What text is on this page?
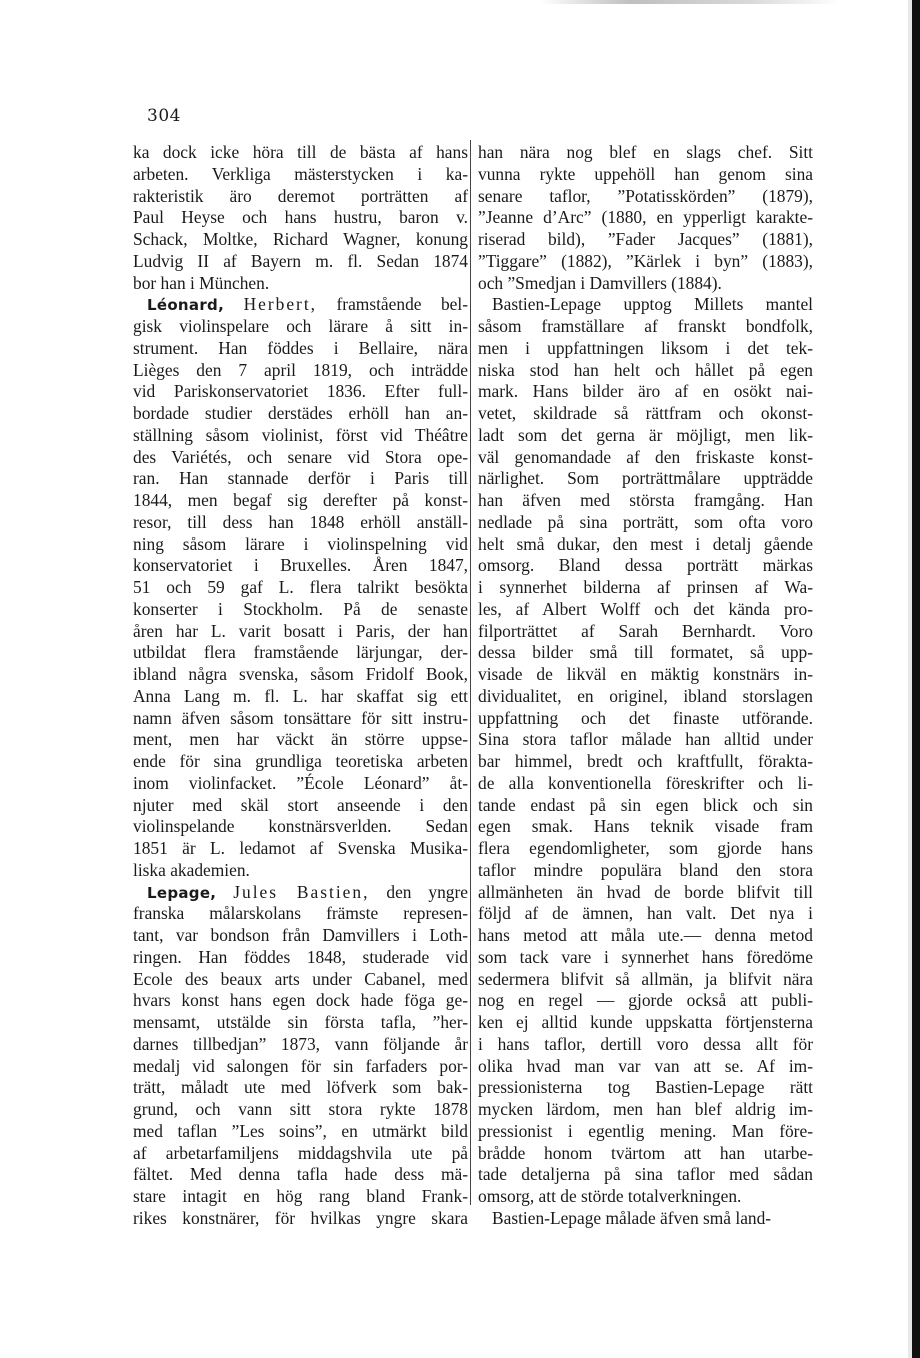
304
ka dock icke höra till de bästa af hans
arbeten. Verkliga mästerstycken i ka-
rakteristik äro deremot porträtten af
Paul Heyse och hans hustru, baron v.
Schack, Moltke, Richard Wagner, konung
Ludvig II af Bayern m. fl. Sedan 1874
bor han i München.
Léonard, Herbert, framstående bel-
gisk violinspelare och lärare å sitt in-
strument. Han föddes i Bellaire, nära
Lièges den 7 april 1819, och inträdde
vid Pariskonservatoriet 1836. Efter full-
bordade studier derstädes erhöll han an-
ställning såsom violinist, först vid Théâtre
des Variétés, och senare vid Stora ope-
ran. Han stannade derför i Paris till
1844, men begaf sig derefter på konst-
resor, till dess han 1848 erhöll anställ-
ning såsom lärare i violinspelning vid
konservatoriet i Bruxelles. Åren 1847,
51 och 59 gaf L. flera talrikt besökta
konserter i Stockholm. På de senaste
åren har L. varit bosatt i Paris, der han
utbildat flera framstående lärjungar, der-
ibland några svenska, såsom Fridolf Book,
Anna Lang m. fl. L. har skaffat sig ett
namn äfven såsom tonsättare för sitt instru-
ment, men har väckt än större uppse-
ende för sina grundliga teoretiska arbeten
inom violinfacket. ”École Léonard” åt-
njuter med skäl stort anseende i den
violinspelande konstnärsverlden. Sedan
1851 är L. ledamot af Svenska Musika-
liska akademien.
Lepage, Jules Bastien, den yngre
franska målarskolans främste represen-
tant, var bondson från Damvillers i Loth-
ringen. Han föddes 1848, studerade vid
Ecole des beaux arts under Cabanel, med
hvars konst hans egen dock hade föga ge-
mensamt, utstälde sin första tafla, ”her-
darnes tillbedjan” 1873, vann följande år
medalj vid salongen för sin farfaders por-
trätt, måladt ute med löfverk som bak-
grund, och vann sitt stora rykte 1878
med taflan ”Les soins”, en utmärkt bild
af arbetarfamiljens middagshvila ute på
fältet. Med denna tafla hade dess mä-
stare intagit en hög rang bland Frank-
rikes konstnärer, för hvilkas yngre skara
han nära nog blef en slags chef. Sitt
vunna rykte uppehöll han genom sina
senare taflor, ”Potatisskörden” (1879),
”Jeanne d’Arc” (1880, en ypperligt karakte-
riserad bild), ”Fader Jacques” (1881),
”Tiggare” (1882), ”Kärlek i byn” (1883),
och ”Smedjan i Damvillers (1884).
Bastien-Lepage upptog Millets mantel
såsom framställare af franskt bondfolk,
men i uppfattningen liksom i det tek-
niska stod han helt och hållet på egen
mark. Hans bilder äro af en osökt nai-
vetet, skildrade så rättfram och okonst-
ladt som det gerna är möjligt, men lik-
väl genomandade af den friskaste konst-
närlighet. Som porträttmålare uppträdde
han äfven med största framgång. Han
nedlade på sina porträtt, som ofta voro
helt små dukar, den mest i detalj gående
omsorg. Bland dessa porträtt märkas
i synnerhet bilderna af prinsen af Wa-
les, af Albert Wolff och det kända pro-
filporträttet af Sarah Bernhardt. Voro
dessa bilder små till formatet, så upp-
visade de likväl en mäktig konstnärs in-
dividualitet, en originel, ibland storslagen
uppfattning och det finaste utförande.
Sina stora taflor målade han alltid under
bar himmel, bredt och kraftfullt, förakta-
de alla konventionella föreskrifter och li-
tande endast på sin egen blick och sin
egen smak. Hans teknik visade fram
flera egendomligheter, som gjorde hans
taflor mindre populära bland den stora
allmänheten än hvad de borde blifvit till
följd af de ämnen, han valt. Det nya i
hans metod att måla ute.— denna metod
som tack vare i synnerhet hans föredöme
sedermera blifvit så allmän, ja blifvit nära
nog en regel — gjorde också att publi-
ken ej alltid kunde uppskatta förtjensterna
i hans taflor, dertill voro dessa allt för
olika hvad man var van att se. Af im-
pressionisterna tog Bastien-Lepage rätt
mycken lärdom, men han blef aldrig im-
pressionist i egentlig mening. Man före-
brådde honom tvärtom att han utarbe-
tade detaljerna på sina taflor med sådan
omsorg, att de störde totalverkningen.
Bastien-Lepage målade äfven små land-
